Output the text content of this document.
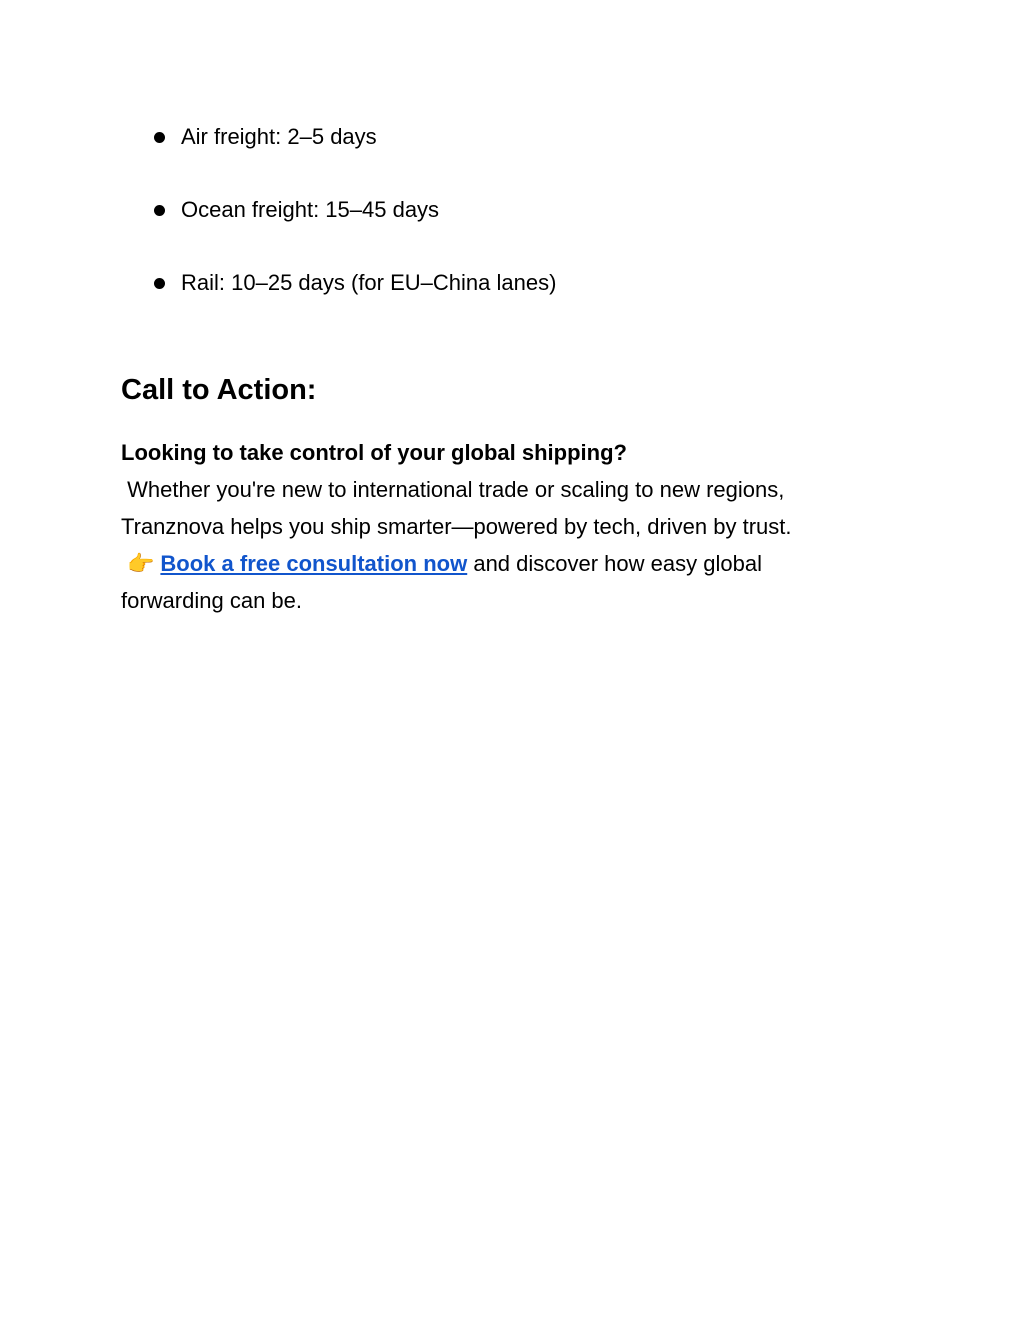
Air freight: 2–5 days
Ocean freight: 15–45 days
Rail: 10–25 days (for EU–China lanes)
Call to Action:
Looking to take control of your global shipping?
Whether you're new to international trade or scaling to new regions,
Tranznova helps you ship smarter—powered by tech, driven by trust.
👉 Book a free consultation now and discover how easy global
forwarding can be.
